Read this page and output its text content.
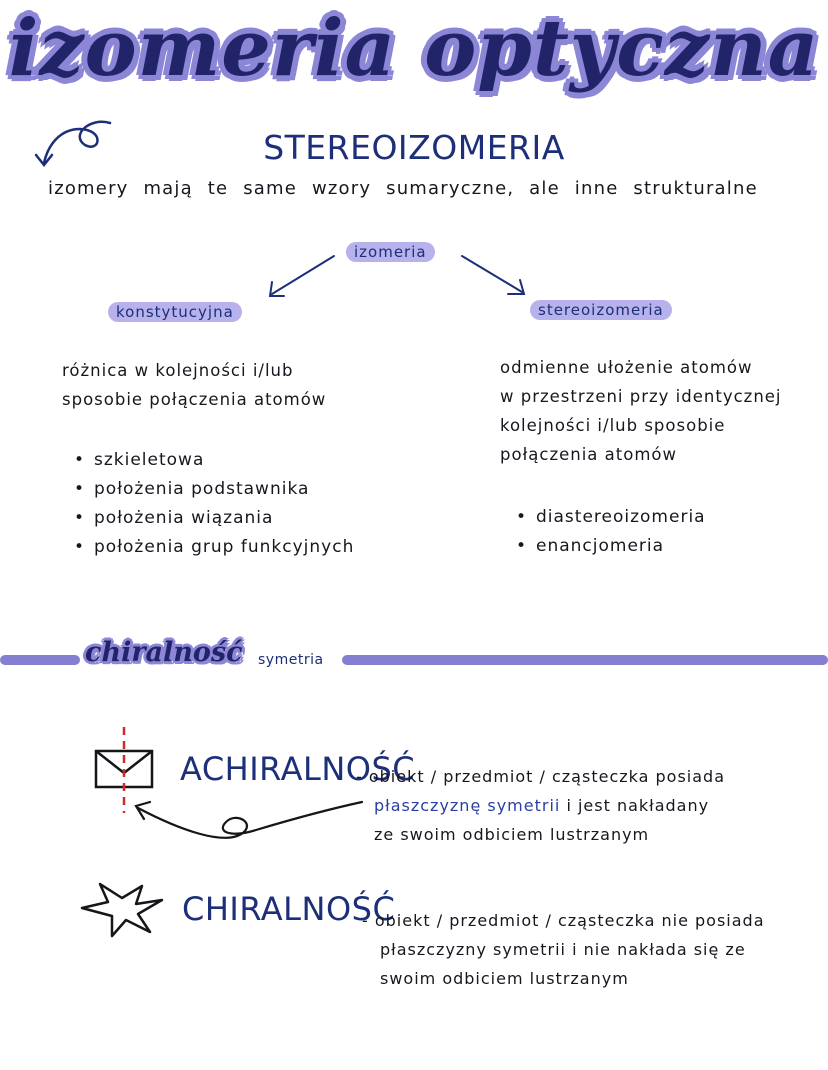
izomeria optyczna
STEREOIZOMERIA
izomery mają te same wzory sumaryczne, ale inne strukturalne
izomeria
konstytucyjna	stereoizomeria
różnica w kolejności i/lub
sposobie połączenia atomów
odmienne ułożenie atomów
w przestrzeni przy identycznej
kolejności i/lub sposobie
połączenia atomów
• szkieletowa
• położenia podstawnika
• położenia wiązania
• położenia grup funkcyjnych
• diastereoizomeria
• enancjomeria
chiralność symetria
ACHIRALNOŚĆ
- obiekt / przedmiot / cząsteczka posiada
płaszczyznę symetrii i jest nakładany
ze swoim odbiciem lustrzanym
CHIRALNOŚĆ
- obiekt / przedmiot / cząsteczka nie posiada
płaszczyzny symetrii i nie nakłada się ze
swoim odbiciem lustrzanym
